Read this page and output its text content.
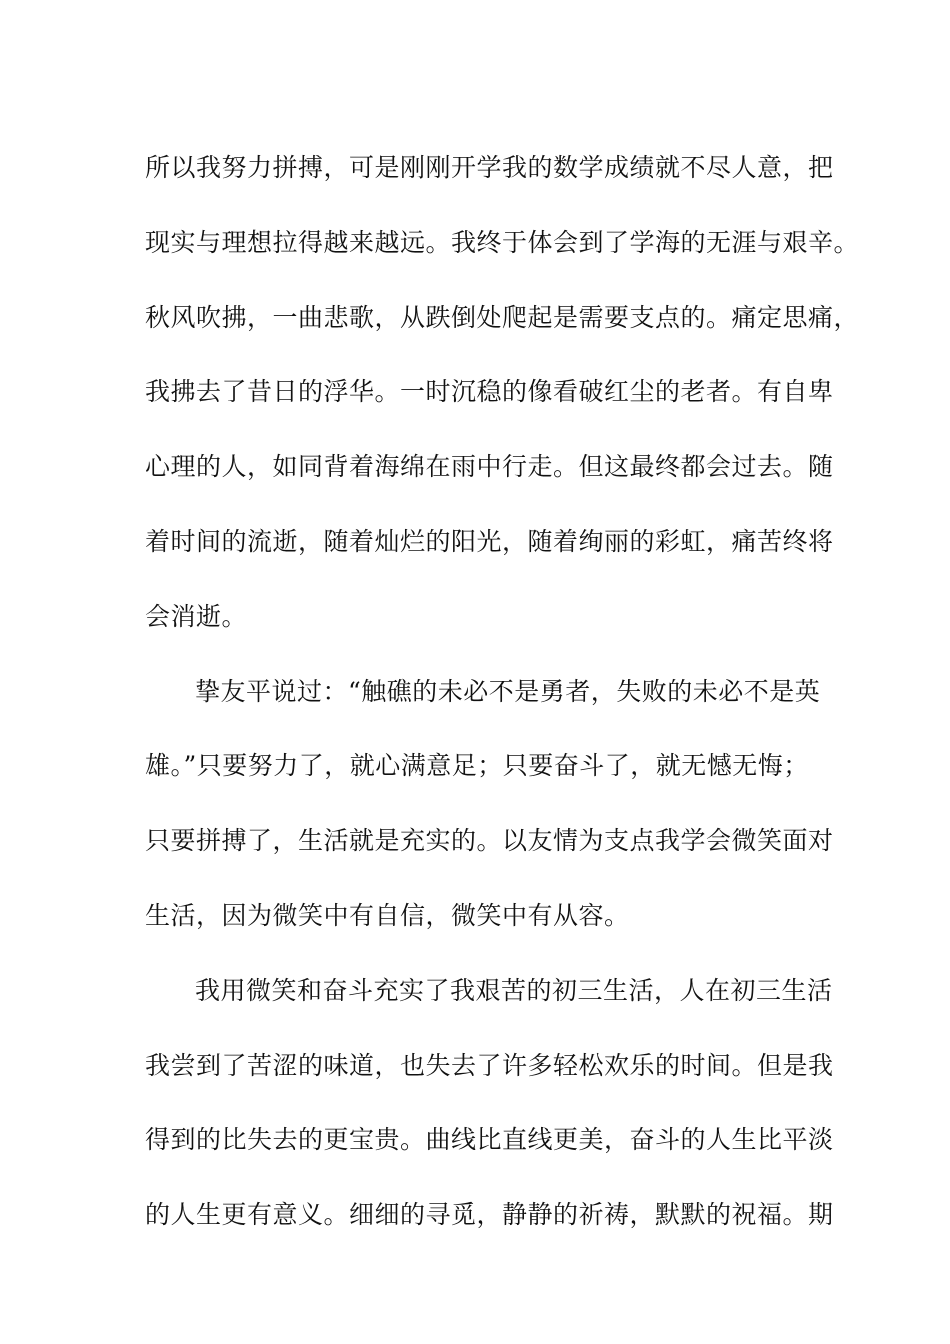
所以我努力拼搏，可是刚刚开学我的数学成绩就不尽人意，把
现实与理想拉得越来越远。我终于体会到了学海的无涯与艰辛。
秋风吹拂，一曲悲歌，从跌倒处爬起是需要支点的。痛定思痛，
我拂去了昔日的浮华。一时沉稳的像看破红尘的老者。有自卑
心理的人，如同背着海绵在雨中行走。但这最终都会过去。随
着时间的流逝，随着灿烂的阳光，随着绚丽的彩虹，痛苦终将
会消逝。
挚友平说过：“触礁的未必不是勇者，失败的未必不是英
雄。”只要努力了，就心满意足；只要奋斗了，就无憾无悔；
只要拼搏了，生活就是充实的。以友情为支点我学会微笑面对
生活，因为微笑中有自信，微笑中有从容。
我用微笑和奋斗充实了我艰苦的初三生活，人在初三生活
我尝到了苦涩的味道，也失去了许多轻松欢乐的时间。但是我
得到的比失去的更宝贵。曲线比直线更美，奋斗的人生比平淡
的人生更有意义。细细的寻觅，静静的祈祷，默默的祝福。期
